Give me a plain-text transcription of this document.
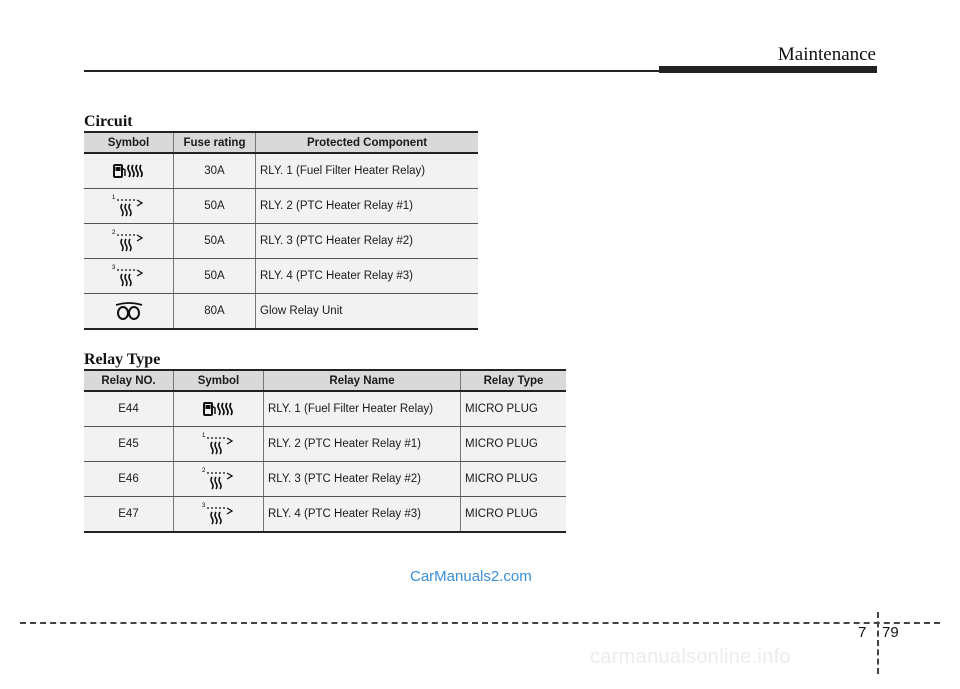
Maintenance
Circuit
Symbol	Fuse rating	Protected Component
	30A	RLY. 1 (Fuel Filter Heater Relay)

1	50A	RLY. 2 (PTC Heater Relay #1)

2	50A	RLY. 3 (PTC Heater Relay #2)

3	50A	RLY. 4 (PTC Heater Relay #3)
	80A	Glow Relay Unit
Relay Type
Relay NO.	Symbol	Relay Name	Relay Type
E44		RLY. 1 (Fuel Filter Heater Relay)	MICRO PLUG
E45	1	RLY. 2 (PTC Heater Relay #1)	MICRO PLUG
E46	2	RLY. 3 (PTC Heater Relay #2)	MICRO PLUG
E47	3	RLY. 4 (PTC Heater Relay #3)	MICRO PLUG
CarManuals2.com
7 79
carmanualsonline.info
